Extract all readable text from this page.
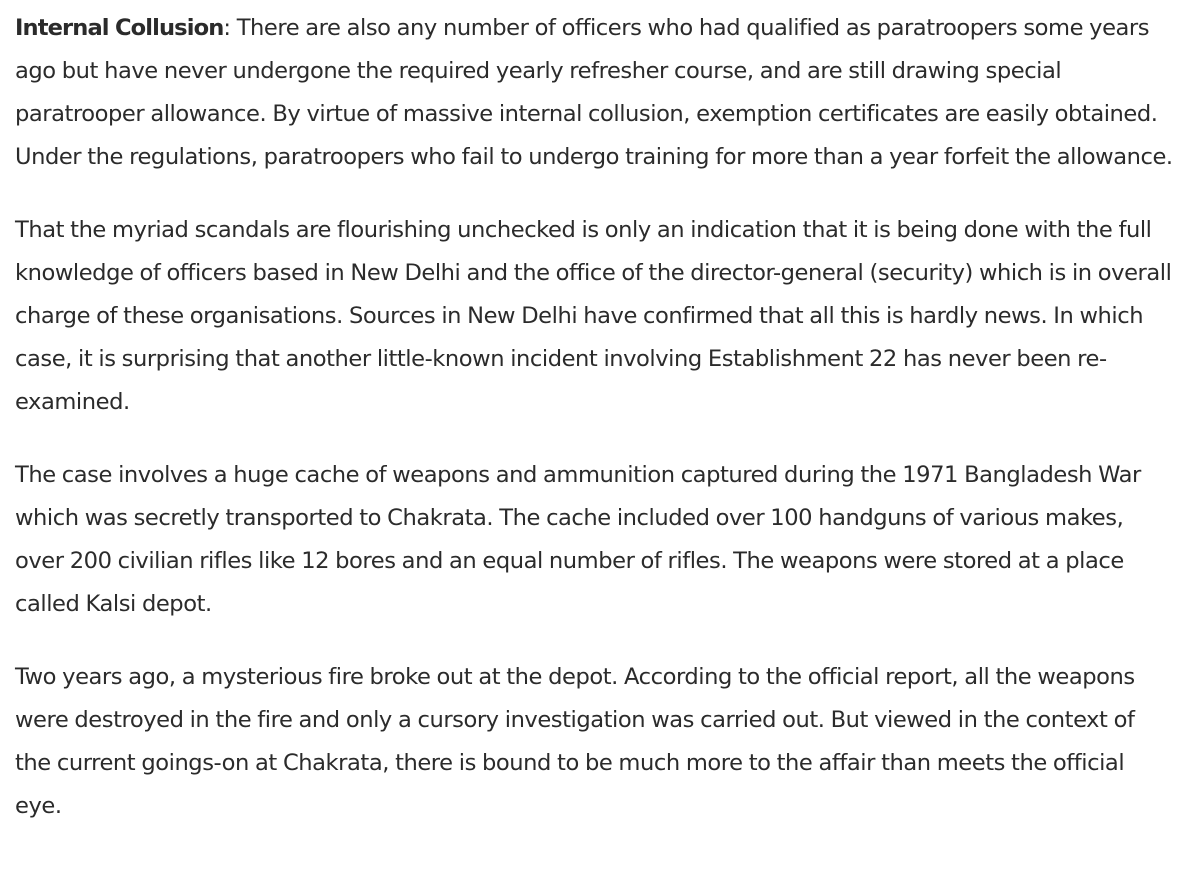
Internal Collusion: There are also any number of officers who had qualified as paratroopers some years ago but have never undergone the required yearly refresher course, and are still drawing special paratrooper allowance. By virtue of massive internal collusion, exemption certificates are easily obtained. Under the regulations, paratroopers who fail to undergo training for more than a year forfeit the allowance.

That the myriad scandals are flourishing unchecked is only an indication that it is being done with the full knowledge of officers based in New Delhi and the office of the director-general (security) which is in overall charge of these organisations. Sources in New Delhi have confirmed that all this is hardly news. In which case, it is surprising that another little-known incident involving Establishment 22 has never been re-examined.

The case involves a huge cache of weapons and ammunition captured during the 1971 Bangladesh War which was secretly transported to Chakrata. The cache included over 100 handguns of various makes, over 200 civilian rifles like 12 bores and an equal number of rifles. The weapons were stored at a place called Kalsi depot.

Two years ago, a mysterious fire broke out at the depot. According to the official report, all the weapons were destroyed in the fire and only a cursory investigation was carried out. But viewed in the context of the current goings-on at Chakrata, there is bound to be much more to the affair than meets the official eye.
